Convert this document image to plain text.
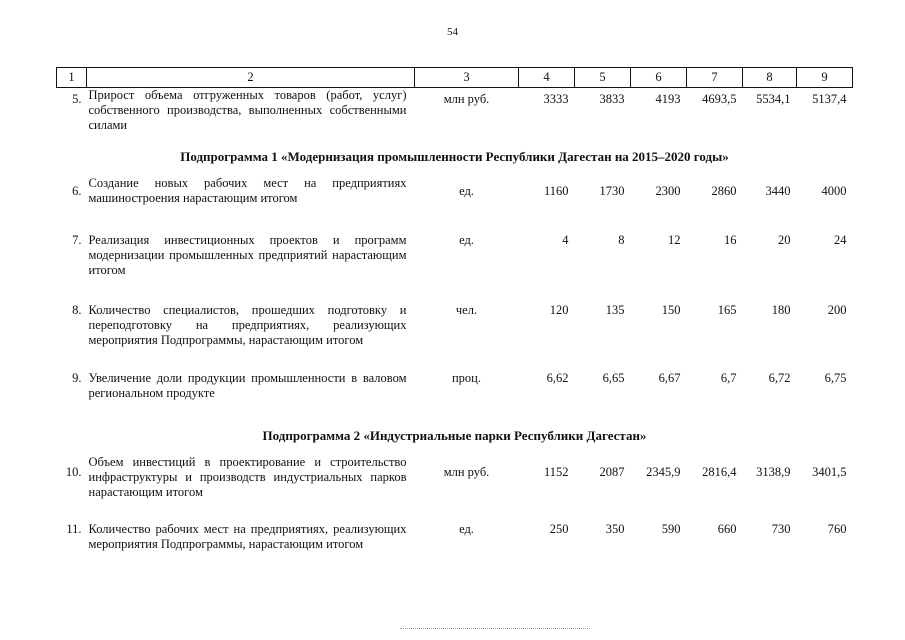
54
1	2	3	4	5	6	7	8	9
5.	Прирост объема отгруженных товаров (работ, услуг) собственного производства, выполненных собственными силами	млн руб.	3333	3833	4193	4693,5	5534,1	5137,4
Подпрограмма 1 «Модернизация промышленности Республики Дагестан на 2015–2020 годы»								
6.	Создание новых рабочих мест на предприятиях машиностроения нарастающим итогом	ед.	1160	1730	2300	2860	3440	4000
7.	Реализация инвестиционных проектов и программ модернизации промышленных предприятий нарастающим итогом	ед.	4	8	12	16	20	24
8.	Количество специалистов, прошедших подготовку и переподготовку на предприятиях, реализующих мероприятия Подпрограммы, нарастающим итогом	чел.	120	135	150	165	180	200
9.	Увеличение доли продукции промышленности в валовом региональном продукте	проц.	6,62	6,65	6,67	6,7	6,72	6,75
Подпрограмма 2 «Индустриальные парки Республики Дагестан»								
10.	Объем инвестиций в проектирование и строительство инфраструктуры и производств индустриальных парков нарастающим итогом	млн руб.	1152	2087	2345,9	2816,4	3138,9	3401,5
11.	Количество рабочих мест на предприятиях, реализующих мероприятия Подпрограммы, нарастающим итогом	ед.	250	350	590	660	730	760
